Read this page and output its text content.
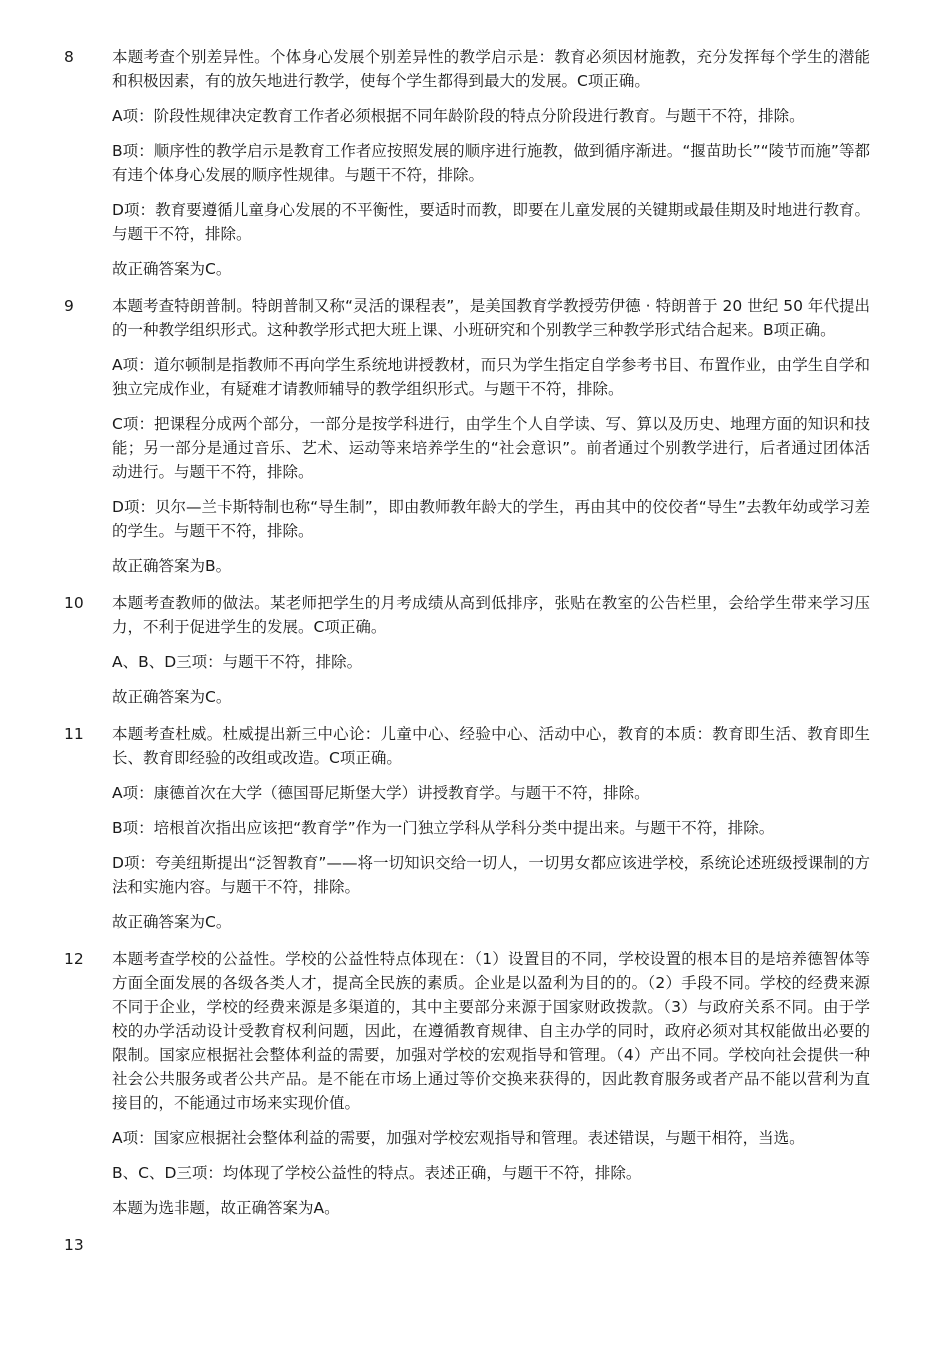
8	本题考查个别差异性。个体身心发展个别差异性的教学启示是：教育必须因材施教，充分发挥每个学生的潜能和积极因素，有的放矢地进行教学，使每个学生都得到最大的发展。C项正确。

A项：阶段性规律决定教育工作者必须根据不同年龄阶段的特点分阶段进行教育。与题干不符，排除。

B项：顺序性的教学启示是教育工作者应按照发展的顺序进行施教，做到循序渐进。“揠苗助长”“陵节而施”等都有违个体身心发展的顺序性规律。与题干不符，排除。

D项：教育要遵循儿童身心发展的不平衡性，要适时而教，即要在儿童发展的关键期或最佳期及时地进行教育。与题干不符，排除。

故正确答案为C。

9	本题考查特朗普制。特朗普制又称“灵活的课程表”，是美国教育学教授劳伊德 · 特朗普于 20 世纪 50 年代提出的一种教学组织形式。这种教学形式把大班上课、小班研究和个别教学三种教学形式结合起来。B项正确。

A项：道尔顿制是指教师不再向学生系统地讲授教材，而只为学生指定自学参考书目、布置作业，由学生自学和独立完成作业，有疑难才请教师辅导的教学组织形式。与题干不符，排除。

C项：把课程分成两个部分，一部分是按学科进行，由学生个人自学读、写、算以及历史、地理方面的知识和技能；另一部分是通过音乐、艺术、运动等来培养学生的“社会意识”。前者通过个别教学进行，后者通过团体活动进行。与题干不符，排除。

D项：贝尔—兰卡斯特制也称“导生制”，即由教师教年龄大的学生，再由其中的佼佼者“导生”去教年幼或学习差的学生。与题干不符，排除。

故正确答案为B。

10	本题考查教师的做法。某老师把学生的月考成绩从高到低排序，张贴在教室的公告栏里，会给学生带来学习压力，不利于促进学生的发展。C项正确。

A、B、D三项：与题干不符，排除。

故正确答案为C。

11	本题考查杜威。杜威提出新三中心论：儿童中心、经验中心、活动中心，教育的本质：教育即生活、教育即生长、教育即经验的改组或改造。C项正确。

A项：康德首次在大学（德国哥尼斯堡大学）讲授教育学。与题干不符，排除。

B项：培根首次指出应该把“教育学”作为一门独立学科从学科分类中提出来。与题干不符，排除。

D项：夸美纽斯提出“泛智教育”——将一切知识交给一切人，一切男女都应该进学校，系统论述班级授课制的方法和实施内容。与题干不符，排除。

故正确答案为C。

12	本题考查学校的公益性。学校的公益性特点体现在：（1）设置目的不同，学校设置的根本目的是培养德智体等方面全面发展的各级各类人才，提高全民族的素质。企业是以盈利为目的的。（2）手段不同。学校的经费来源不同于企业，学校的经费来源是多渠道的，其中主要部分来源于国家财政拨款。（3）与政府关系不同。由于学校的办学活动设计受教育权利问题，因此，在遵循教育规律、自主办学的同时，政府必须对其权能做出必要的限制。国家应根据社会整体利益的需要，加强对学校的宏观指导和管理。（4）产出不同。学校向社会提供一种社会公共服务或者公共产品。是不能在市场上通过等价交换来获得的，因此教育服务或者产品不能以营利为直接目的，不能通过市场来实现价值。

A项：国家应根据社会整体利益的需要，加强对学校宏观指导和管理。表述错误，与题干相符，当选。

B、C、D三项：均体现了学校公益性的特点。表述正确，与题干不符，排除。

本题为选非题，故正确答案为A。

13
